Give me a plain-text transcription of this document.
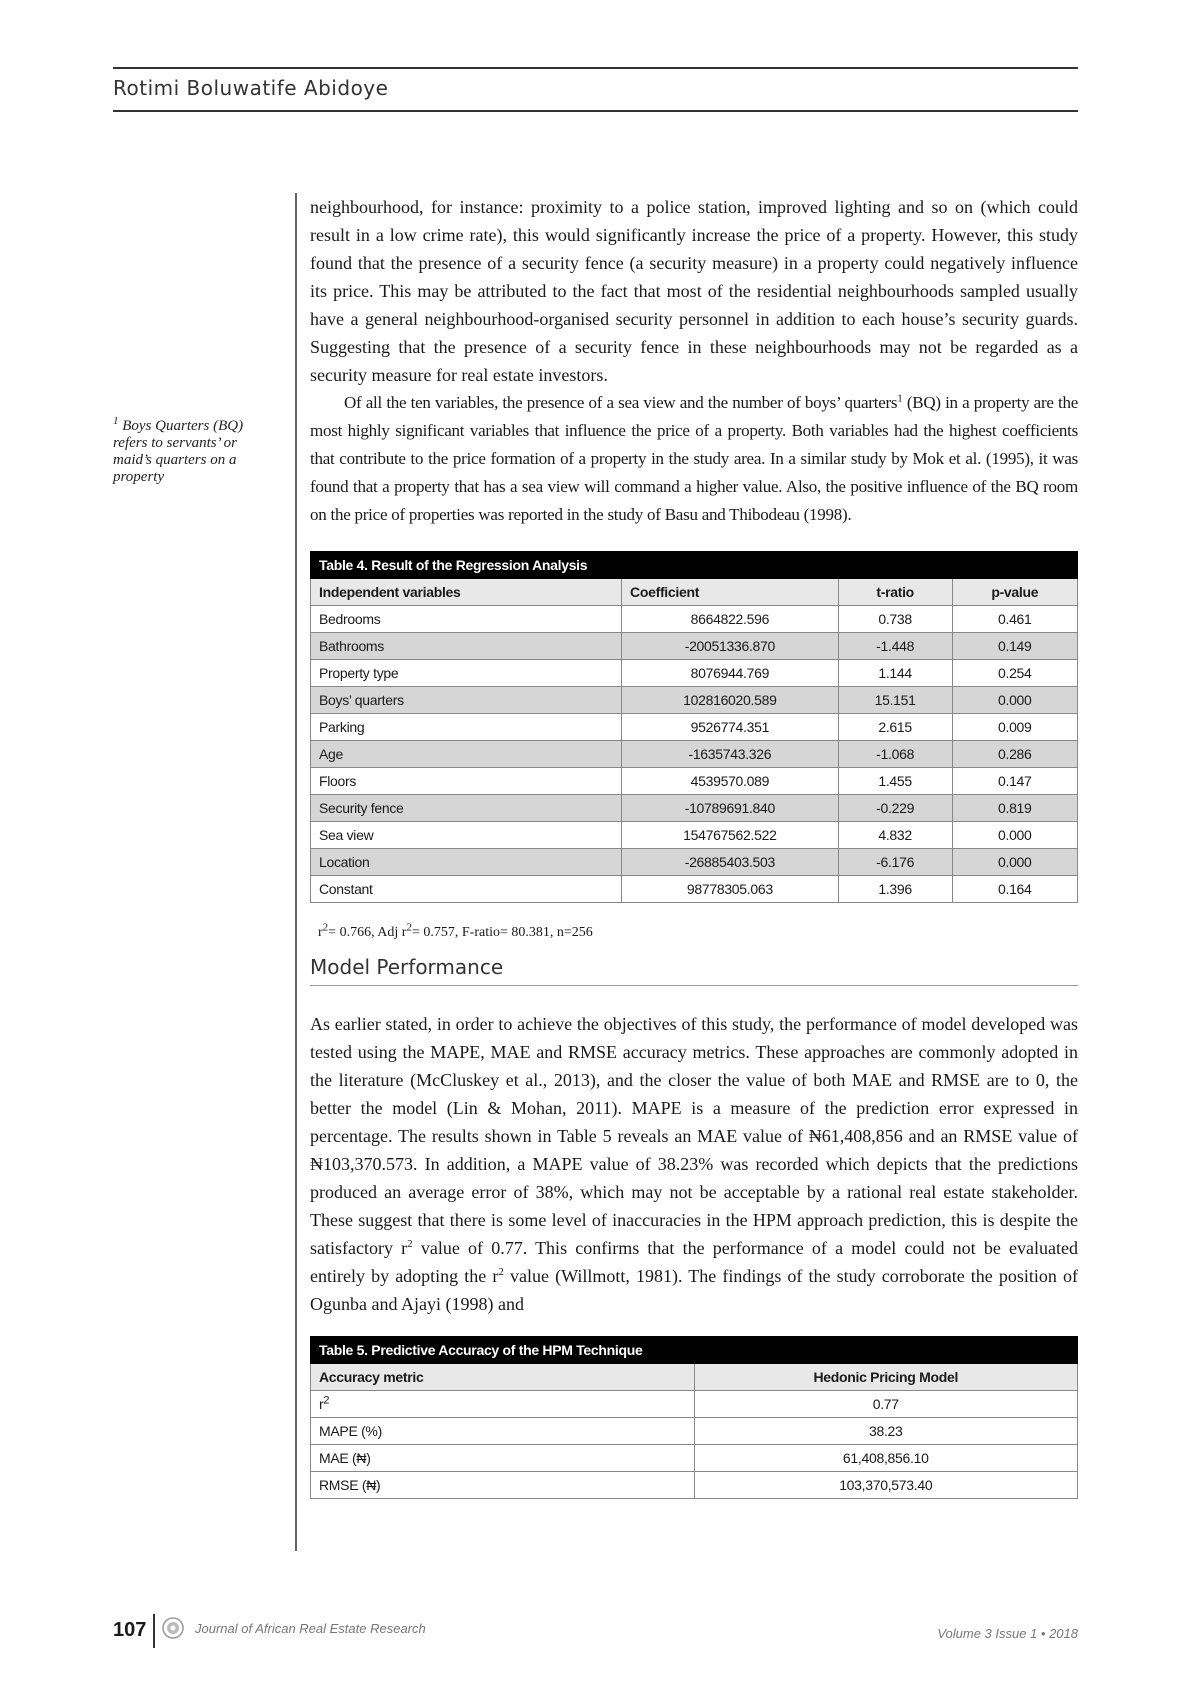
Rotimi Boluwatife Abidoye
$^1$ Boys Quarters (BQ) refers to servants’ or maid’s quarters on a property

neighbourhood, for instance: proximity to a police station, improved lighting and so on (which could result in a low crime rate), this would significantly increase the price of a property. However, this study found that the presence of a security fence (a security measure) in a property could negatively influence its price. This may be attributed to the fact that most of the residential neighbourhoods sampled usually have a general neighbourhood-organised security personnel in addition to each house’s security guards. Suggesting that the presence of a security fence in these neighbourhoods may not be regarded as a security measure for real estate investors.

Of all the ten variables, the presence of a sea view and the number of boys’ quarters$^1$ (BQ) in a property are the most highly significant variables that influence the price of a property. Both variables had the highest coefficients that contribute to the price formation of a property in the study area. In a similar study by Mok et al. (1995), it was found that a property that has a sea view will command a higher value. Also, the positive influence of the BQ room on the price of properties was reported in the study of Basu and Thibodeau (1998).

Table 4. Result of the Regression Analysis			
Independent variables	Coefficient	t-ratio	p-value
Bedrooms	8664822.596	0.738	0.461
Bathrooms	-20051336.870	-1.448	0.149
Property type	8076944.769	1.144	0.254
Boys’ quarters	102816020.589	15.151	0.000
Parking	9526774.351	2.615	0.009
Age	-1635743.326	-1.068	0.286
Floors	4539570.089	1.455	0.147
Security fence	-10789691.840	-0.229	0.819
Sea view	154767562.522	4.832	0.000
Location	-26885403.503	-6.176	0.000
Constant	98778305.063	1.396	0.164
$r^2= 0.766$, Adj $r^2= 0.757$, F-ratio= 80.381, n=256
Model Performance

As earlier stated, in order to achieve the objectives of this study, the performance of model developed was tested using the MAPE, MAE and RMSE accuracy metrics. These approaches are commonly adopted in the literature (McCluskey et al., 2013), and the closer the value of both MAE and RMSE are to 0, the better the model (Lin & Mohan, 2011). MAPE is a measure of the prediction error expressed in percentage. The results shown in Table 5 reveals an MAE value of ₦61,408,856 and an RMSE value of ₦103,370.573. In addition, a MAPE value of 38.23% was recorded which depicts that the predictions produced an average error of 38%, which may not be acceptable by a rational real estate stakeholder. These suggest that there is some level of inaccuracies in the HPM approach prediction, this is despite the satisfactory $r^2$ value of 0.77. This confirms that the performance of a model could not be evaluated entirely by adopting the $r^2$ value (Willmott, 1981). The findings of the study corroborate the position of Ogunba and Ajayi (1998) and

Table 5. Predictive Accuracy of the HPM Technique	
Accuracy metric	Hedonic Pricing Model
$r^2$	0.77
MAPE (%)	38.23
MAE (₦)	61,408,856.10
RMSE (₦)	103,370,573.40
107	Journal of African Real Estate Research	Volume 3 Issue 1 • 2018
